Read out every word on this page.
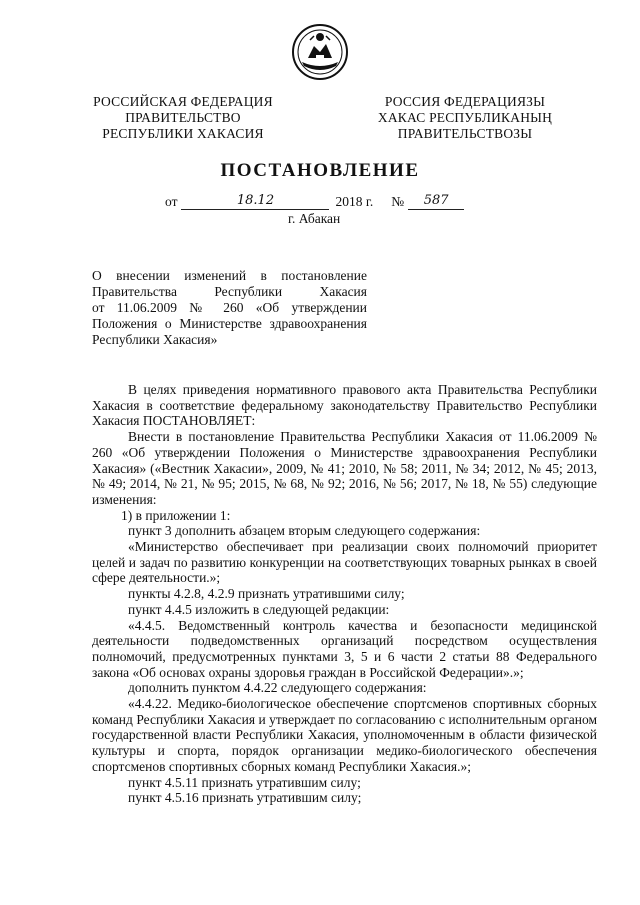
РОССИЙСКАЯ ФЕДЕРАЦИЯ
ПРАВИТЕЛЬСТВО
РЕСПУБЛИКИ ХАКАСИЯ
РОССИЯ ФЕДЕРАЦИЯЗЫ
ХАКАС РЕСПУБЛИКАНЫҢ
ПРАВИТЕЛЬСТВОЗЫ
ПОСТАНОВЛЕНИЕ
от	18.12	2018 г. № 587
г. Абакан
О внесении изменений в постановление
Правительства Республики Хакасия
от 11.06.2009 № 260 «Об утверждении
Положения о Министерстве здравоохранения
Республики Хакасия»

В целях приведения нормативного правового акта Правительства Республики Хакасия в соответствие федеральному законодательству Правительство Республики Хакасия ПОСТАНОВЛЯЕТ:

Внести в постановление Правительства Республики Хакасия от 11.06.2009 № 260 «Об утверждении Положения о Министерстве здравоохранения Республики Хакасия» («Вестник Хакасии», 2009, № 41; 2010, № 58; 2011, № 34; 2012, № 45; 2013, № 49; 2014, № 21, № 95; 2015, № 68, № 92; 2016, № 56; 2017, № 18, № 55) следующие изменения:

1) в приложении 1:

пункт 3 дополнить абзацем вторым следующего содержания:

«Министерство обеспечивает при реализации своих полномочий приоритет целей и задач по развитию конкуренции на соответствующих товарных рынках в своей сфере деятельности.»;

пункты 4.2.8, 4.2.9 признать утратившими силу;

пункт 4.4.5 изложить в следующей редакции:

«4.4.5. Ведомственный контроль качества и безопасности медицинской деятельности подведомственных организаций посредством осуществления полномочий, предусмотренных пунктами 3, 5 и 6 части 2 статьи 88 Федерального закона «Об основах охраны здоровья граждан в Российской Федерации».»;

дополнить пунктом 4.4.22 следующего содержания:

«4.4.22. Медико-биологическое обеспечение спортсменов спортивных сборных команд Республики Хакасия и утверждает по согласованию с исполнительным органом государственной власти Республики Хакасия, уполномоченным в области физической культуры и спорта, порядок организации медико-биологического обеспечения спортсменов спортивных сборных команд Республики Хакасия.»;

пункт 4.5.11 признать утратившим силу;

пункт 4.5.16 признать утратившим силу;
